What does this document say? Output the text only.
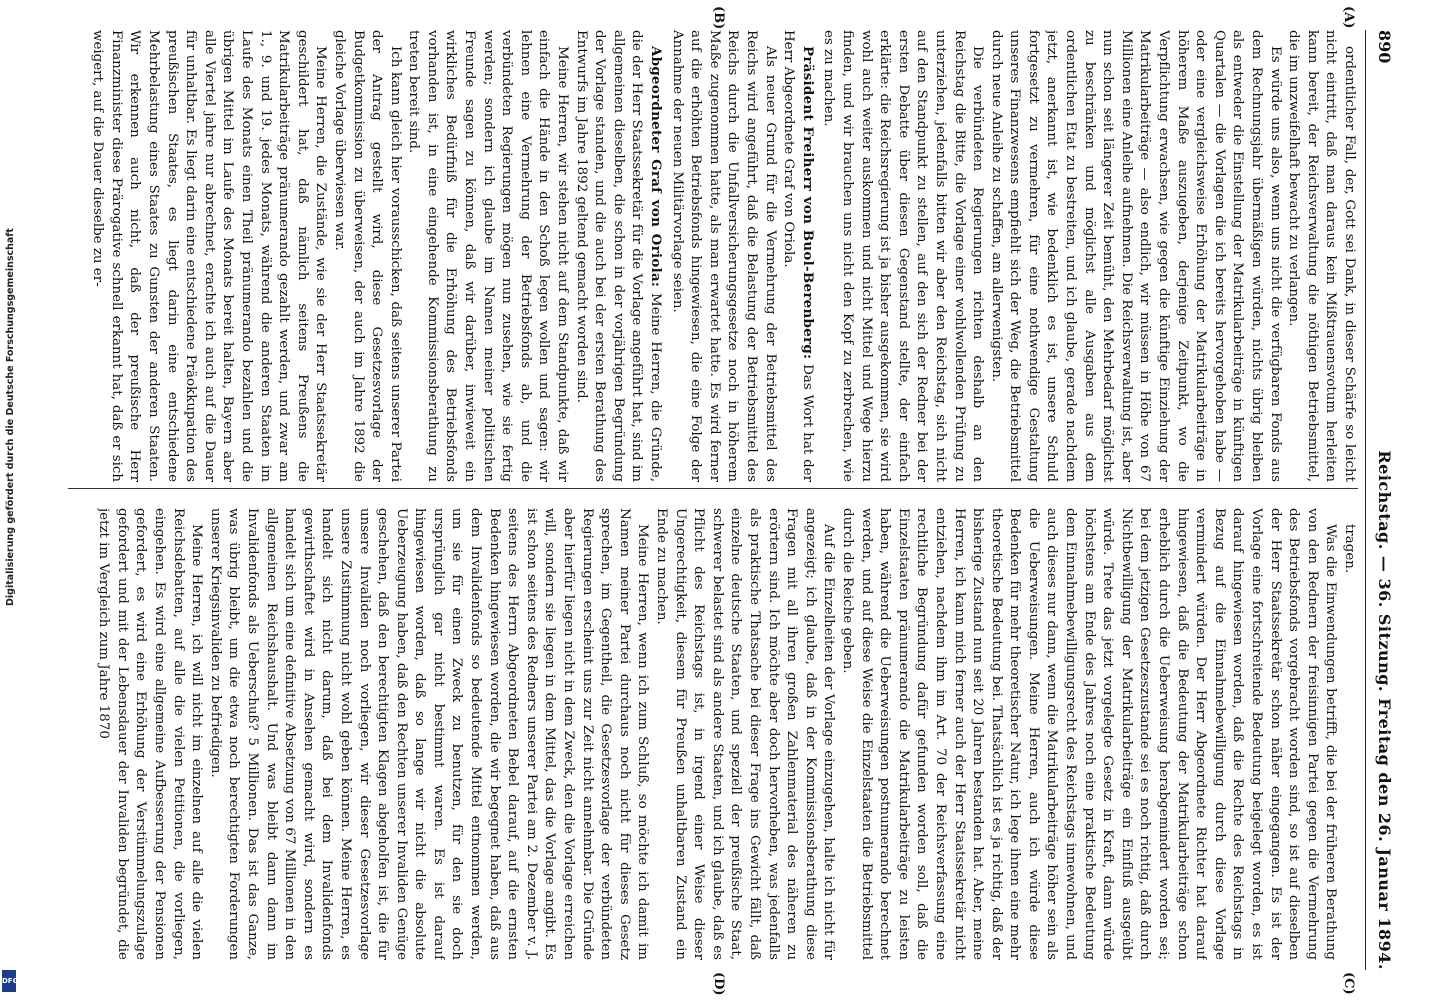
890
Reichstag. — 36. Sitzung. Freitag den 26. Januar 1894.
(A)
(B)
(C)
(D)

ordentlicher Fall, der, Gott sei Dank, in dieser Schärfe so leicht nicht eintritt, daß man daraus kein Mißtrauensvotum herleiten kann bereit, der Reichsverwaltung die nöthigen Betriebsmittel, die im unzweifelhaft bewacht zu verlangen.

Es würde uns also, wenn uns nicht die verfügbaren Fonds aus dem Rechnungsjahr übermäßigen würden, nichts übrig bleiben als entweder die Einstellung der Matrikularbeiträge in künftigen Quartalen — die Vorlagen die ich bereits hervorgehoben habe — oder eine vergleichsweise Erhöhung der Matrikularbeiträge in höherem Maße auszugeben, derjenige Zeitpunkt, wo die Verpflichtung erwachsen, wie gegen die künftige Einziehung der Matrikularbeiträge — also endlich, wir müssen in Höhe von 67 Millionen eine Anleihe aufnehmen. Die Reichsverwaltung ist, aber nun schon seit längerer Zeit bemüht, den Mehrbedarf möglichst zu beschränken und möglichst alle Ausgaben aus dem ordentlichen Etat zu bestreiten, und ich glaube, gerade nachdem jetzt, anerkannt ist, wie bedenklich es ist, unsere Schuld fortgesetzt zu vermehren, für eine nothwendige Gestaltung unseres Finanzwesens empfiehlt sich der Weg, die Betriebsmittel durch neue Anleihe zu schaffen, am allerwenigsten.

Die verbündeten Regierungen richten deshalb an den Reichstag die Bitte, die Vorlage einer wohlwollenden Prüfung zu unterziehen, jedenfalls bitten wir aber den Reichstag, sich nicht auf den Standpunkt zu stellen, auf den sich der Redner bei der ersten Debatte über diesen Gegenstand stellte, der einfach erklärte: die Reichsregierung ist ja bisher ausgekommen, sie wird wohl auch weiter auskommen und nicht Mittel und Wege hierzu finden, und wir brauchen uns nicht den Kopf zu zerbrechen, wie es zu machen.

Präsident Freiherr von Buol-Berenberg: Das Wort hat der Herr Abgeordnete Graf von Oriola.

Als neuer Grund für die Vermehrung der Betriebsmittel des Reichs wird angeführt, daß die Belastung der Betriebsmittel des Reichs durch die Unfallversicherungsgesetze noch in höherem Maße zugenommen hatte, als man erwartet hatte. Es wird ferner auf die erhöhten Betriebsfonds hingewiesen, die eine Folge der Annahme der neuen Militärvorlage seien.

Abgeordneter Graf von Oriola: Meine Herren, die Gründe, die der Herr Staatssekretär für die Vorlage angeführt hat, sind im allgemeinen dieselben, die schon in der vorjährigen Begründung der Vorlage standen, und die auch bei der ersten Berathung des Entwurfs im Jahre 1892 geltend gemacht worden sind.

Meine Herren, wir stehen nicht auf dem Standpunkte, daß wir einfach die Hände in den Schoß legen wollen und sagen: wir lehnen eine Vermehrung der Betriebsfonds ab, und die verbündeten Regierungen mögen nun zusehen, wie sie fertig werden; sondern ich glaube im Namen meiner politischen Freunde sagen zu können, daß wir darüber, inwieweit ein wirkliches Bedürfniß für die Erhöhung des Betriebsfonds vorhanden ist, in eine eingehende Kommissionsberathung zu treten bereit sind.

Ich kann gleich hier vorausschicken, daß seitens unserer Partei der Antrag gestellt wird, diese Gesetzesvorlage der Budgetkommission zu überweisen, der auch im Jahre 1892 die gleiche Vorlage überwiesen war.

Meine Herren, die Zustände, wie sie der Herr Staatssekretär geschildert hat, daß nämlich seitens Preußens die Matrikularbeiträge pränumerando gezahlt werden, und zwar am 1., 9. und 19. jedes Monats, während die anderen Staaten im Laufe des Monats einen Theil pränumerando bezahlen und die übrigen Mittel im Laufe des Monats bereit halten, Bayern aber alle Viertel jahre nur abrechnet, erachte ich auch auf die Dauer für unhaltbar. Es liegt darin eine entschiedene Präokkupation des preußischen Staates, es liegt darin eine entschiedene Mehrbelastung eines Staates zu Gunsten der anderen Staaten. Wir erkennen auch nicht, daß der preußische Herr Finanzminister diese Prärogative schnell erkannt hat, daß er sich weigert, auf die Dauer dieselbe zu er-

tragen.

Was die Einwendungen betrifft, die bei der früheren Berathung von den Rednern der freisinnigen Partei gegen die Vermehrung des Betriebsfonds vorgebracht worden sind, so ist auf dieselben der Herr Staatssekretär schon näher eingegangen. Es ist der Vorlage eine fortschreitende Bedeutung beigelegt worden, es ist darauf hingewiesen worden, daß die Rechte des Reichstags in Bezug auf die Einnahmebewilligung durch diese Vorlage vermindert würden. Der Herr Abgeordnete Richter hat darauf hingewiesen, daß die Bedeutung der Matrikularbeiträge schon erheblich durch die Ueberweisung herabgemindert worden sei; bei dem jetzigen Gesetzeszustande sei es noch richtig, daß durch Nichtbewilligung der Matrikularbeiträge ein Einfluß ausgeübt würde. Trete das jetzt vorgelegte Gesetz in Kraft, dann würde höchstens am Ende des Jahres noch eine praktische Bedeutung dem Einnahmebewilligungsrecht des Reichstags innewohnen, und auch dieses nur dann, wenn die Matrikularbeiträge höher sein als die Ueberweisungen. Meine Herren, auch ich würde diese Bedenken für mehr theoretischer Natur, ich lege ihnen eine mehr theoretische Bedeutung bei. Thatsächlich ist es ja richtig, daß der bisherige Zustand nun seit 20 Jahren bestanden hat. Aber, meine Herren, ich kann mich ferner auch der Herr Staatssekretär nicht entziehen, nachdem ihm im Art. 70 der Reichsverfassung eine rechtliche Begründung dafür gefunden worden soll, daß die Einzelstaaten pränumerando die Matrikularbeiträge zu leisten haben, während die Ueberweisungen postnumerando berechnet werden, und auf diese Weise die Einzelstaaten die Betriebsmittel durch die Reiche geben.

Auf die Einzelheiten der Vorlage einzugehen, halte ich nicht für angezeigt; ich glaube, daß in der Kommissionsberathung diese Fragen mit all ihren großen Zahlenmaterial des näheren zu erörtern sind. Ich möchte aber doch hervorheben, was jedenfalls als praktische Thatsache bei dieser Frage ins Gewicht fällt, daß einzelne deutsche Staaten, und speziell der preußische Staat, schwerer belastet sind als andere Staaten, und ich glaube, daß es Pflicht des Reichstags ist, in irgend einer Weise dieser Ungerechtigkeit, diesem für Preußen unhaltbaren Zustand ein Ende zu machen.

Meine Herren, wenn ich zum Schluß, so möchte ich damit im Namen meiner Partei durchaus noch nicht für dieses Gesetz sprechen, im Gegentheil, die Gesetzesvorlage der verbündeten Regierungen erscheint uns zur Zeit nicht annehmbar. Die Gründe aber hierfür liegen nicht in dem Zweck, den die Vorlage erreichen will, sondern sie liegen in dem Mittel, das die Vorlage angibt. Es ist schon seitens des Redners unserer Partei am 2. Dezember v. J. seitens des Herrn Abgeordneten Bebel darauf, auf die ernsten Bedenken hingewiesen worden, die wir begegnet haben, daß aus dem Invalidenfonds so bedeutende Mittel entnommen werden, um sie für einen Zweck zu benutzen, für den sie doch ursprünglich gar nicht bestimmt waren. Es ist darauf hingewiesen worden, daß so lange wir nicht die absolute Ueberzeugung haben, daß den Rechten unserer Invaliden Genüge geschehen, daß den berechtigten Klagen abgeholfen ist, die für unsere Invaliden noch vorliegen, wir dieser Gesetzesvorlage unsere Zustimmung nicht wohl geben können. Meine Herren, es handelt sich nicht darum, daß bei dem Invalidenfonds gewirthschaftet wird in Ansehen gemacht wird, sondern es handelt sich um eine definitive Absetzung von 67 Millionen in den allgemeinen Reichshaushalt. Und was bleibt dann dann im Invalidenfonds als Ueberschuß? 5 Millionen. Das ist das Ganze, was übrig bleibt, um die etwa noch berechtigten Forderungen unserer Kriegsinvaliden zu befriedigen.

Meine Herren, ich will nicht im einzelnen auf alle die vielen Reichsdebatten, auf alle die vielen Petitionen, die vorliegen, eingehen. Es wird eine allgemeine Aufbesserung der Pensionen gefordert, es wird eine Erhöhung der Verstümmelungszulage gefordert und mit der Lebensdauer der Invaliden begründet, die jetzt im Vergleich zum Jahre 1870

Digitalisierung gefördert durch die Deutsche Forschungsgemeinschaft
DFG
